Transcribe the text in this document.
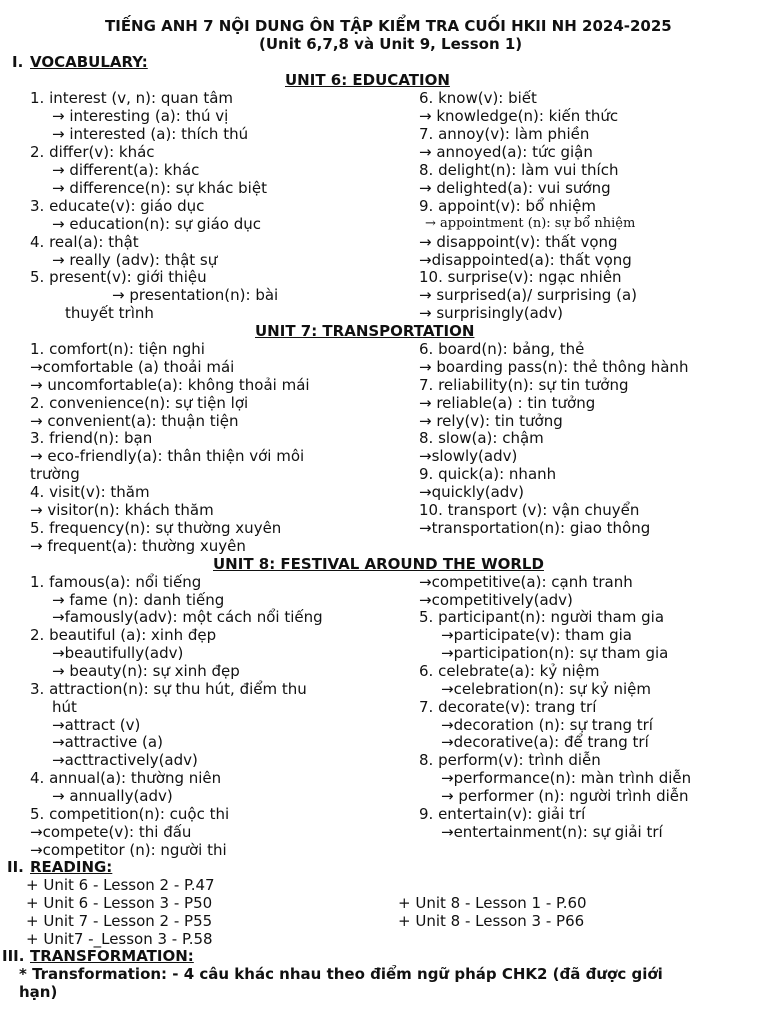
TIẾNG ANH 7 NỘI DUNG ÔN TẬP KIỂM TRA CUỐI HKII NH 2024-2025
(Unit 6,7,8 và Unit 9, Lesson 1)
I. VOCABULARY:
UNIT 6: EDUCATION
1. interest (v, n): quan tâm
→ interesting (a): thú vị
→ interested (a): thích thú
2. differ(v): khác
→ different(a): khác
→ difference(n): sự khác biệt
3. educate(v): giáo dục
→ education(n): sự giáo dục
4. real(a): thật
→ really (adv): thật sự
5. present(v): giới thiệu
→ presentation(n): bài
thuyết trình
6. know(v): biết
→ knowledge(n): kiến thức
7. annoy(v): làm phiền
→ annoyed(a): tức giận
8. delight(n): làm vui thích
→ delighted(a): vui sướng
9. appoint(v): bổ nhiệm
→ appointment (n): sự bổ nhiệm
→ disappoint(v): thất vọng
→disappointed(a): thất vọng
10. surprise(v): ngạc nhiên
→ surprised(a)/ surprising (a)
→ surprisingly(adv)
UNIT 7: TRANSPORTATION
1. comfort(n): tiện nghi
→comfortable (a) thoải mái
→ uncomfortable(a): không thoải mái
2. convenience(n): sự tiện lợi
→ convenient(a): thuận tiện
3. friend(n): bạn
→ eco-friendly(a): thân thiện với môi
trường
4. visit(v): thăm
→ visitor(n): khách thăm
5. frequency(n): sự thường xuyên
→ frequent(a): thường xuyên
6. board(n): bảng, thẻ
→ boarding pass(n): thẻ thông hành
7. reliability(n): sự tin tưởng
→ reliable(a) : tin tưởng
→ rely(v): tin tưởng
8. slow(a): chậm
→slowly(adv)
9. quick(a): nhanh
→quickly(adv)
10. transport (v): vận chuyển
→transportation(n): giao thông
UNIT 8: FESTIVAL AROUND THE WORLD
1. famous(a): nổi tiếng
→ fame (n): danh tiếng
→famously(adv): một cách nổi tiếng
2. beautiful (a): xinh đẹp
→beautifully(adv)
→ beauty(n): sự xinh đẹp
3. attraction(n): sự thu hút, điểm thu
hút
→attract (v)
→attractive (a)
→acttractively(adv)
4. annual(a): thường niên
→ annually(adv)
5. competition(n): cuộc thi
→compete(v): thi đấu
→competitor (n): người thi
→competitive(a): cạnh tranh
→competitively(adv)
5. participant(n): người tham gia
→participate(v): tham gia
→participation(n): sự tham gia
6. celebrate(a): kỷ niệm
→celebration(n): sự kỷ niệm
7. decorate(v): trang trí
→decoration (n): sự trang trí
→decorative(a): để trang trí
8. perform(v): trình diễn
→performance(n): màn trình diễn
→ performer (n): người trình diễn
9. entertain(v): giải trí
→entertainment(n): sự giải trí
II. READING:
+ Unit 6 - Lesson 2 - P.47
+ Unit 6 - Lesson 3 - P50
+ Unit 7 - Lesson 2 - P55
+ Unit7 -_Lesson 3 - P.58
+ Unit 8 - Lesson 1 - P.60
+ Unit 8 - Lesson 3 - P66
III. TRANSFORMATION:
* Transformation: - 4 câu khác nhau theo điểm ngữ pháp CHK2 (đã được giới
hạn)
